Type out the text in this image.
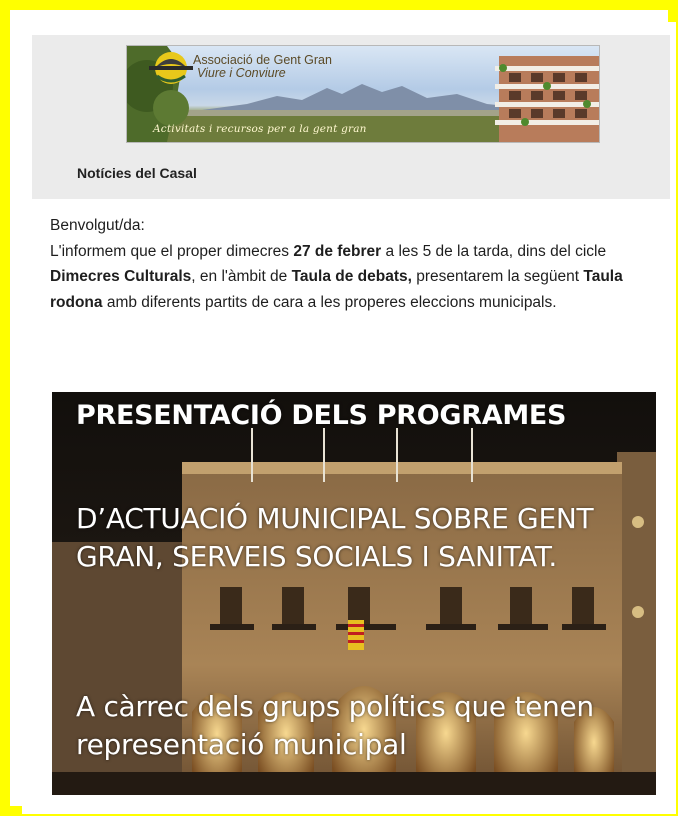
Associació de Gent Gran
Viure i Conviure
Activitats i recursos per a la gent gran
Notícies del Casal

Benvolgut/da:

L'informem que el proper dimecres 27 de febrer a les 5 de la tarda, dins del cicle Dimecres Culturals, en l'àmbit de Taula de debats, presentarem la següent Taula rodona amb diferents partits de cara a les properes eleccions municipals.

PRESENTACIÓ DELS PROGRAMES
D’ACTUACIÓ MUNICIPAL SOBRE GENT GRAN, SERVEIS SOCIALS I SANITAT.
A càrrec dels grups polítics que tenen representació municipal
